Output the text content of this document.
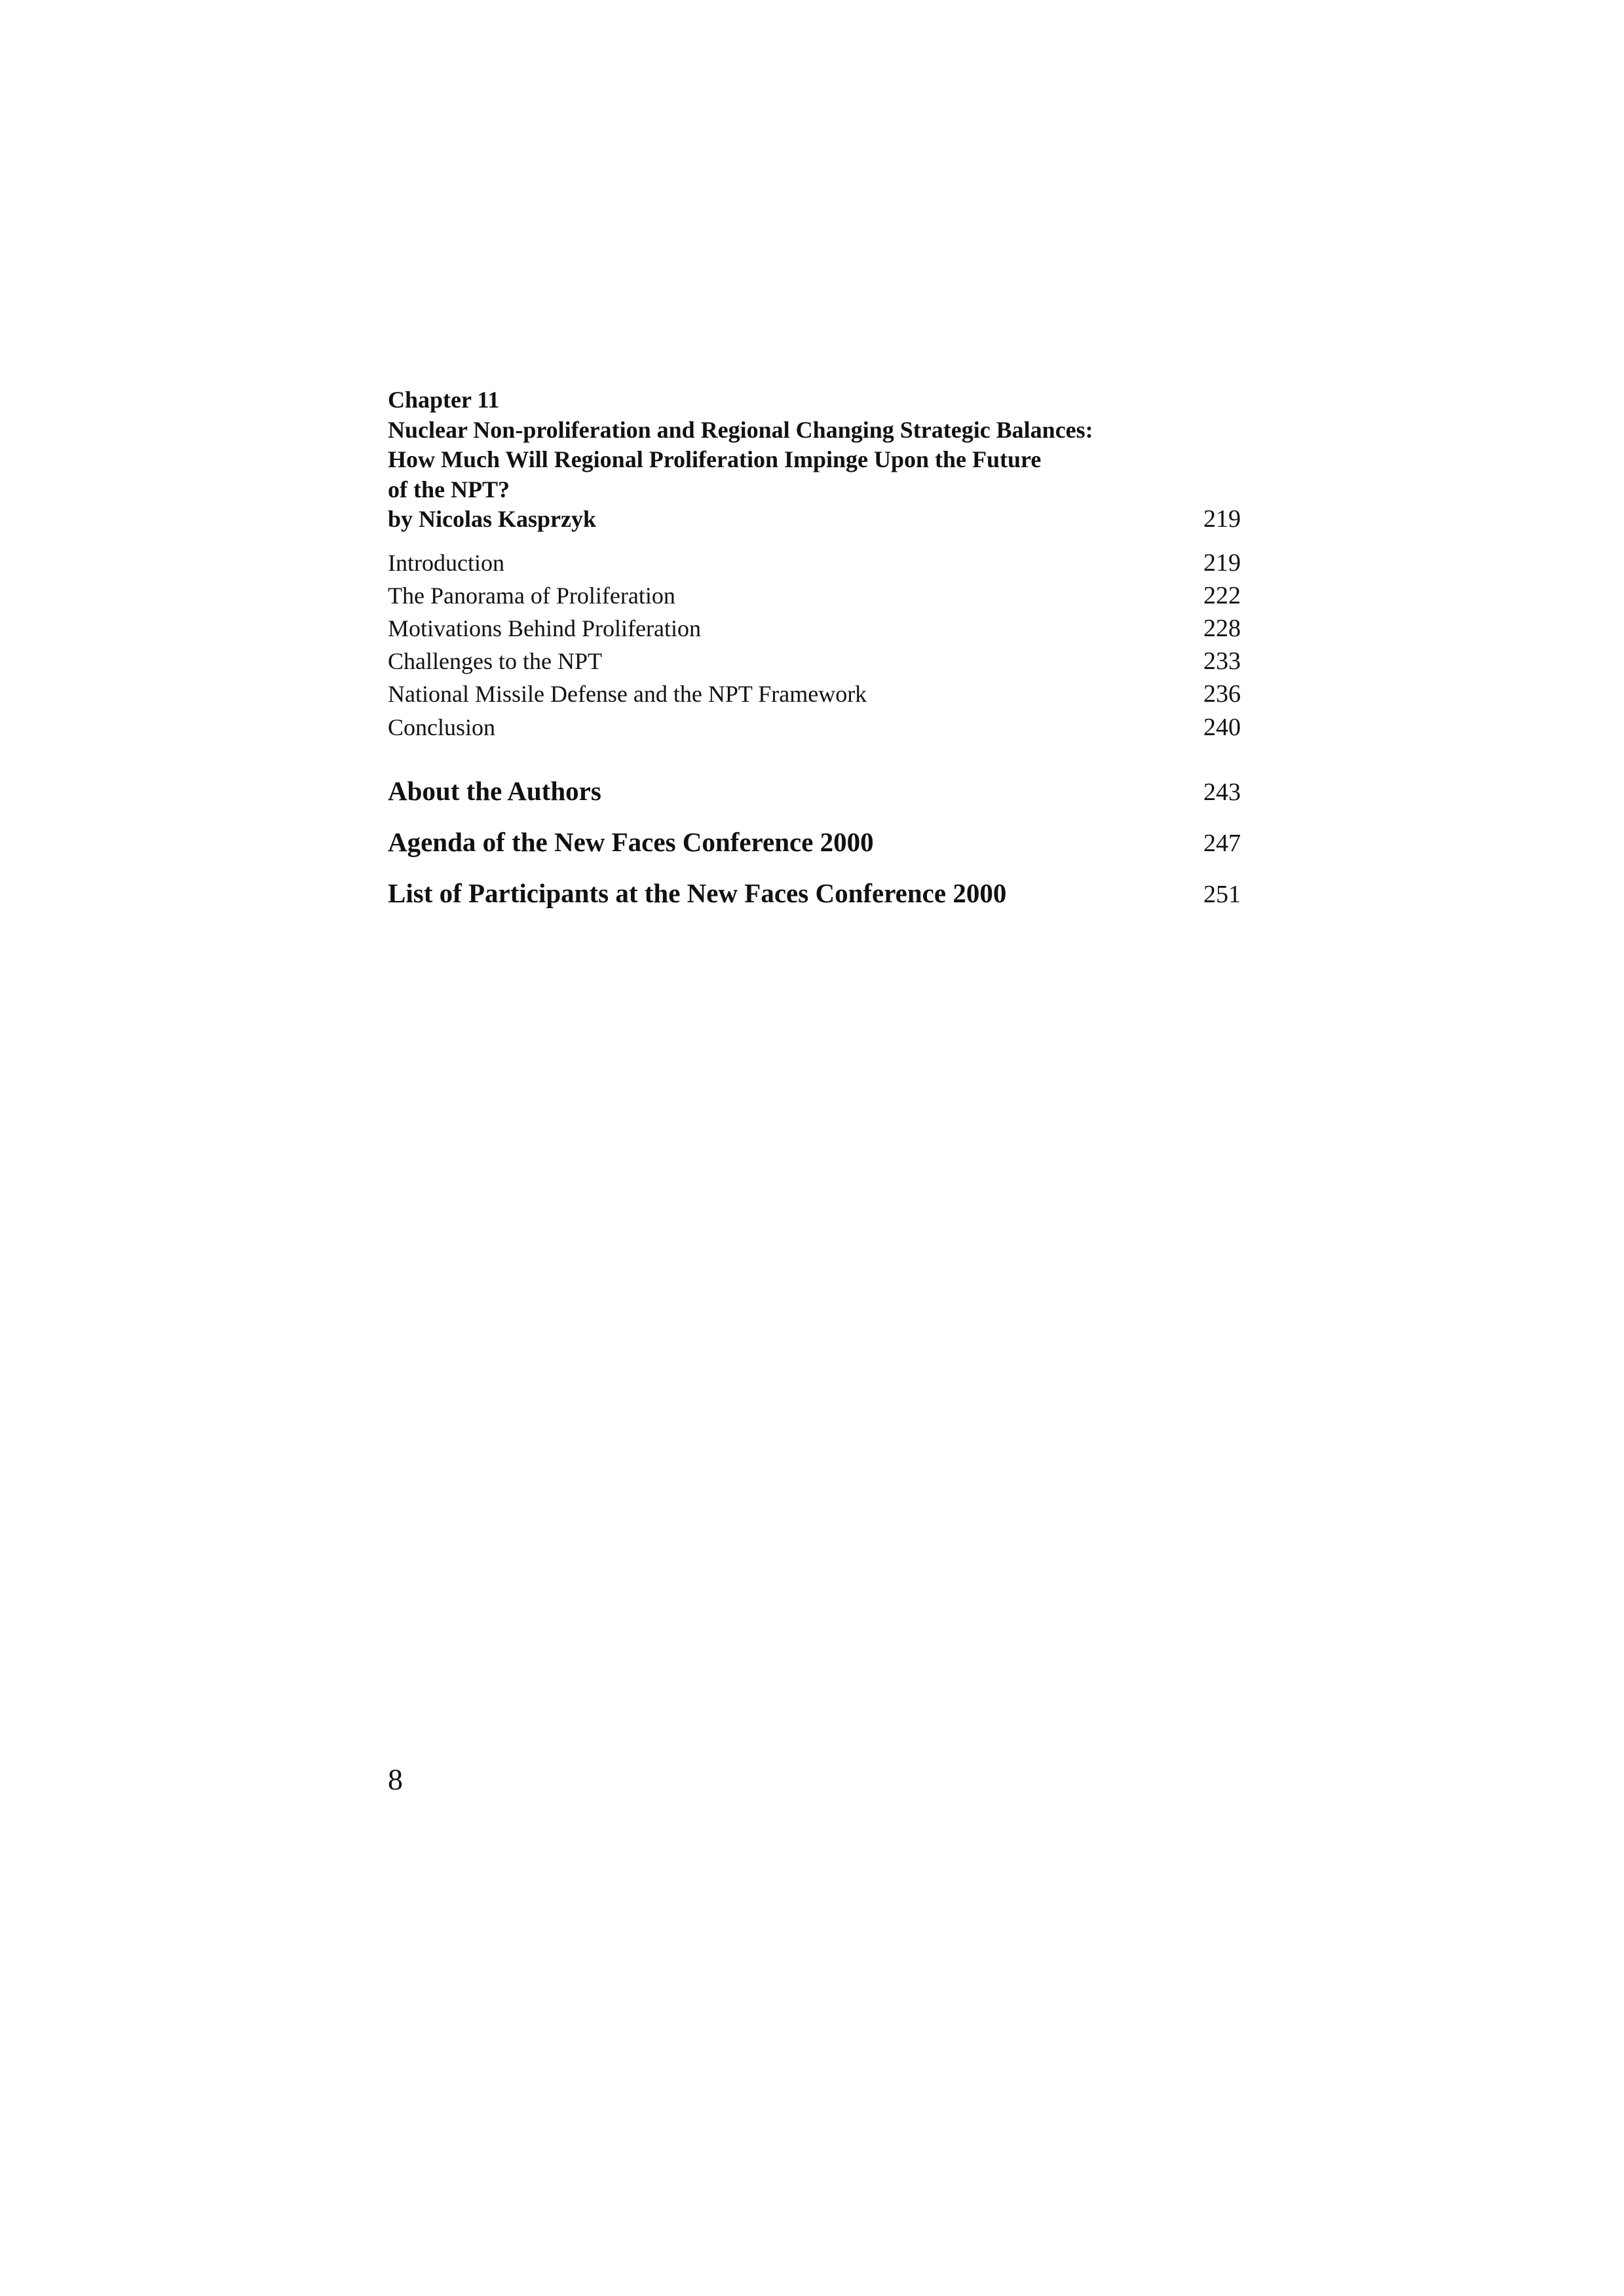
Chapter 11
Nuclear Non-proliferation and Regional Changing Strategic Balances:
How Much Will Regional Proliferation Impinge Upon the Future
of the NPT?
by Nicolas Kasprzyk	219
Introduction	219
The Panorama of Proliferation	222
Motivations Behind Proliferation	228
Challenges to the NPT	233
National Missile Defense and the NPT Framework	236
Conclusion	240
About the Authors	243
Agenda of the New Faces Conference 2000	247
List of Participants at the New Faces Conference 2000	251
8
